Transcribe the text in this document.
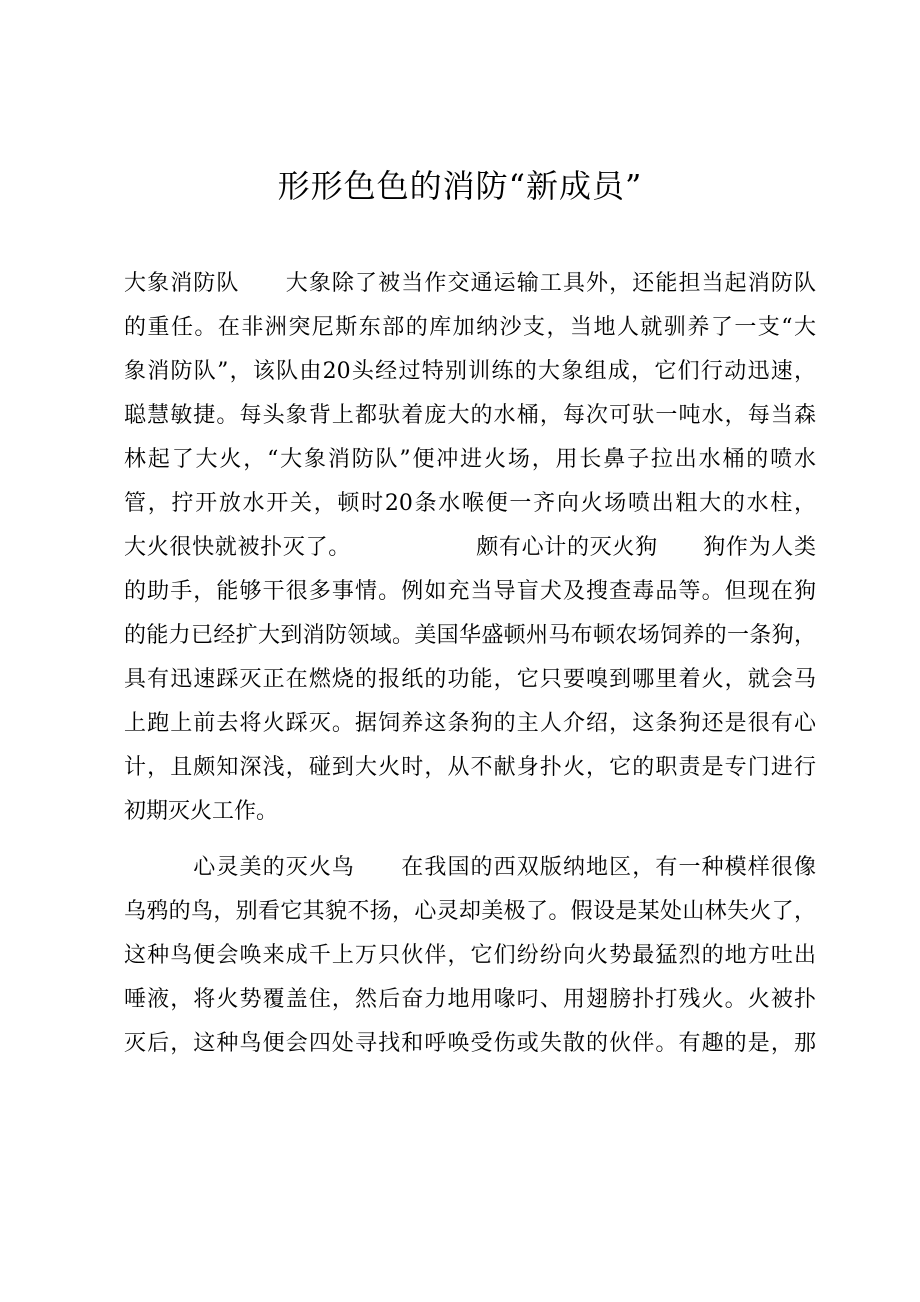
形形色色的消防“新成员”

大象消防队　　大象除了被当作交通运输工具外，还能担当起消防队

的重任。在非洲突尼斯东部的库加纳沙支，当地人就驯养了一支“大

象消防队”，该队由20头经过特别训练的大象组成，它们行动迅速，

聪慧敏捷。每头象背上都驮着庞大的水桶，每次可驮一吨水，每当森

林起了大火，“大象消防队”便冲进火场，用长鼻子拉出水桶的喷水

管，拧开放水开关，顿时20条水喉便一齐向火场喷出粗大的水柱，

大火很快就被扑灭了。　　　　　　颇有心计的灭火狗　　狗作为人类

的助手，能够干很多事情。例如充当导盲犬及搜查毒品等。但现在狗

的能力已经扩大到消防领域。美国华盛顿州马布顿农场饲养的一条狗，

具有迅速踩灭正在燃烧的报纸的功能，它只要嗅到哪里着火，就会马

上跑上前去将火踩灭。据饲养这条狗的主人介绍，这条狗还是很有心

计，且颇知深浅，碰到大火时，从不献身扑火，它的职责是专门进行

初期灭火工作。

　　　心灵美的灭火鸟　　在我国的西双版纳地区，有一种模样很像

乌鸦的鸟，别看它其貌不扬，心灵却美极了。假设是某处山林失火了，

这种鸟便会唤来成千上万只伙伴，它们纷纷向火势最猛烈的地方吐出

唾液，将火势覆盖住，然后奋力地用喙叼、用翅膀扑打残火。火被扑

灭后，这种鸟便会四处寻找和呼唤受伤或失散的伙伴。有趣的是，那
